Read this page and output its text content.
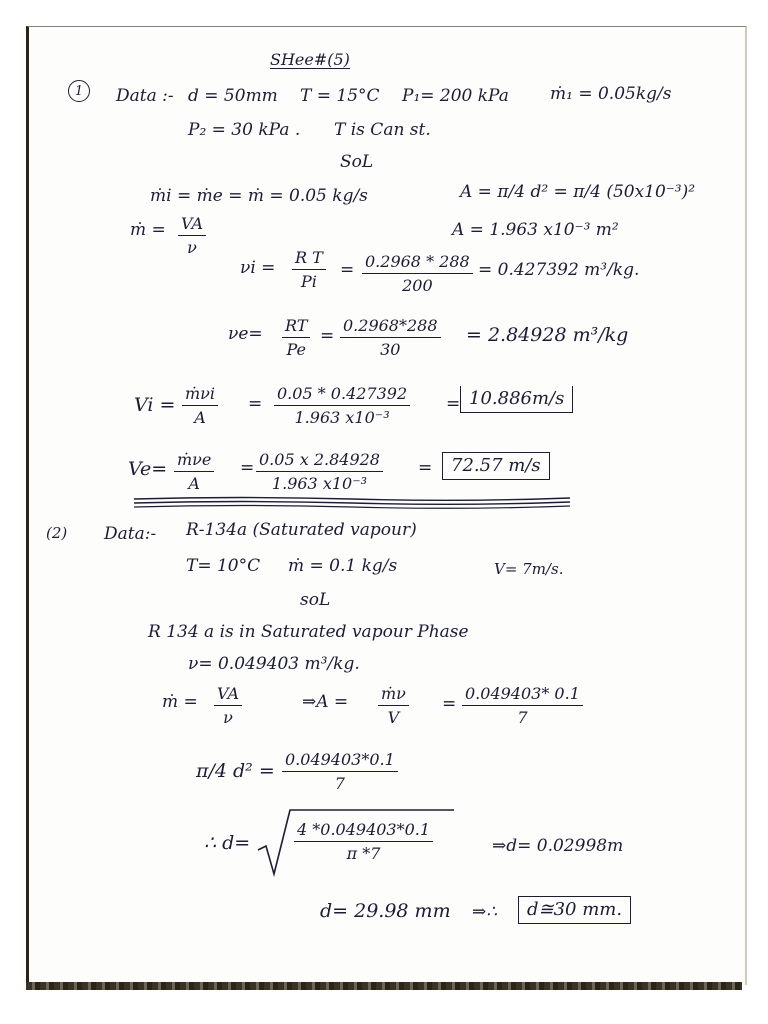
SHee#(5)
1	Data :- d = 50mm T = 15°C P₁= 200 kPa ṁ₁ = 0.05kg/s
P₂ = 30 kPa . T is Can st.
SoL
ṁi = ṁe = ṁ = 0.05 kg/s	A = π/4 d² = π/4 (50x10⁻³)²
A = 1.963 x10⁻³ m²
ṁ = $\frac{VA}{\nu}$
$\nu i = \frac{\text{R T}}{Pi} = \frac{0.2968 * 288}{200} = 0.427392$ m³/kg.
$\nu e= \frac{RT}{Pe} = \frac{0.2968*288}{30} = 2.84928$ m³/kg
Vi =
ṁνi
A
= $\frac{0.05 * 0.427392}{\text{1.963 x10⁻³}} = 10.886m/s$
Ve= ṁνe
A
= $\frac{0.05 x 2.84928}{\text{1.963 x10⁻³}}$ =	72.57 m/s
(2) Data:- R-134a (Saturated vapour)
T= 10°C ṁ = 0.1 kg/s	V= 7m/s.
soL
R 134 a is in Saturated vapour Phase
ν= 0.049403 m³/kg.
ṁ = $\frac{VA}{\nu}$	⇒A = $\frac{\text{ṁν}}{V} = \frac{0.049403* 0.1}{7}$
π/4 $d^2 = \frac{0.049403*0.1}{7}$
∴ d=	$\frac{4 *0.049403*0.1}{\pi *7}$	⇒d= 0.02998m
d= 29.98 mm ⇒∴	d≅30 mm.
